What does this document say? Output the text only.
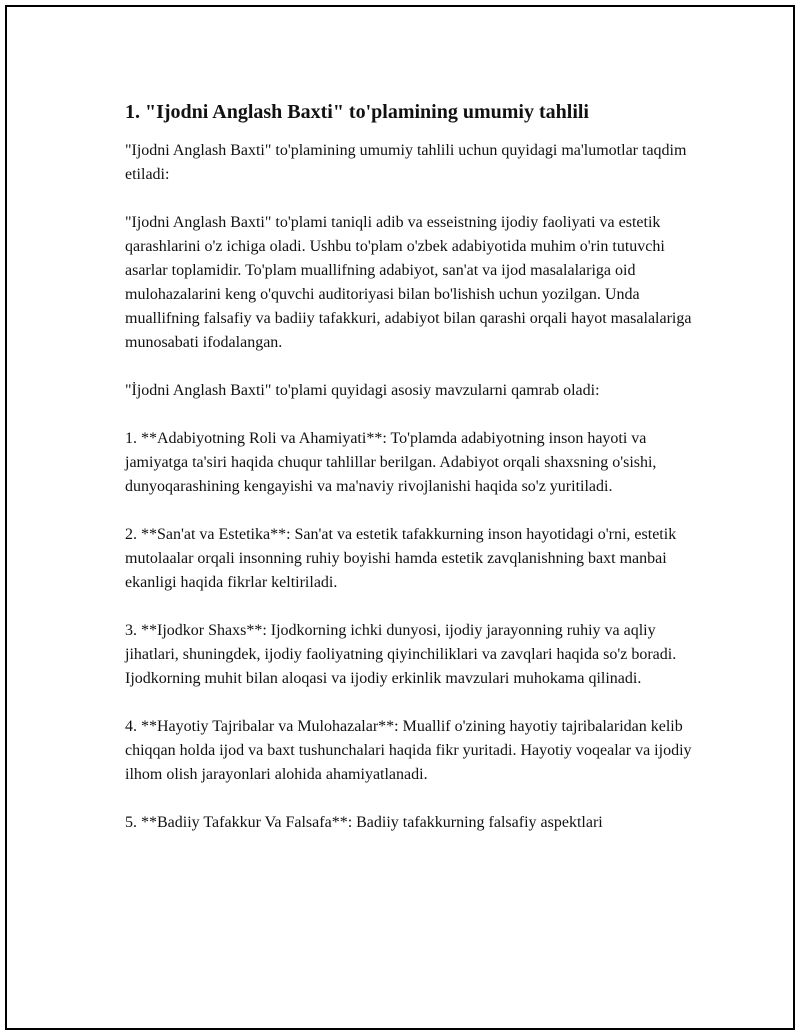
1. "Ijodni Anglash Baxti" to'plamining umumiy tahlili

"Ijodni Anglash Baxti" to'plamining umumiy tahlili uchun quyidagi ma'lumotlar taqdim etiladi:

"Ijodni Anglash Baxti" to'plami taniqli adib va esseistning ijodiy faoliyati va estetik qarashlarini o'z ichiga oladi. Ushbu to'plam o'zbek adabiyotida muhim o'rin tutuvchi asarlar toplamidir. To'plam muallifning adabiyot, san'at va ijod masalalariga oid mulohazalarini keng o'quvchi auditoriyasi bilan bo'lishish uchun yozilgan. Unda muallifning falsafiy va badiiy tafakkuri, adabiyot bilan qarashi orqali hayot masalalariga munosabati ifodalangan.

"İjodni Anglash Baxti" to'plami quyidagi asosiy mavzularni qamrab oladi:

1. **Adabiyotning Roli va Ahamiyati**: To'plamda adabiyotning inson hayoti va jamiyatga ta'siri haqida chuqur tahlillar berilgan. Adabiyot orqali shaxsning o'sishi, dunyoqarashining kengayishi va ma'naviy rivojlanishi haqida so'z yuritiladi.

2. **San'at va Estetika**: San'at va estetik tafakkurning inson hayotidagi o'rni, estetik mutolaalar orqali insonning ruhiy boyishi hamda estetik zavqlanishning baxt manbai ekanligi haqida fikrlar keltiriladi.

3. **Ijodkor Shaxs**: Ijodkorning ichki dunyosi, ijodiy jarayonning ruhiy va aqliy jihatlari, shuningdek, ijodiy faoliyatning qiyinchiliklari va zavqlari haqida so'z boradi. Ijodkorning muhit bilan aloqasi va ijodiy erkinlik mavzulari muhokama qilinadi.

4. **Hayotiy Tajribalar va Mulohazalar**: Muallif o'zining hayotiy tajribalaridan kelib chiqqan holda ijod va baxt tushunchalari haqida fikr yuritadi. Hayotiy voqealar va ijodiy ilhom olish jarayonlari alohida ahamiyatlanadi.

5. **Badiiy Tafakkur Va Falsafa**: Badiiy tafakkurning falsafiy aspektlari
